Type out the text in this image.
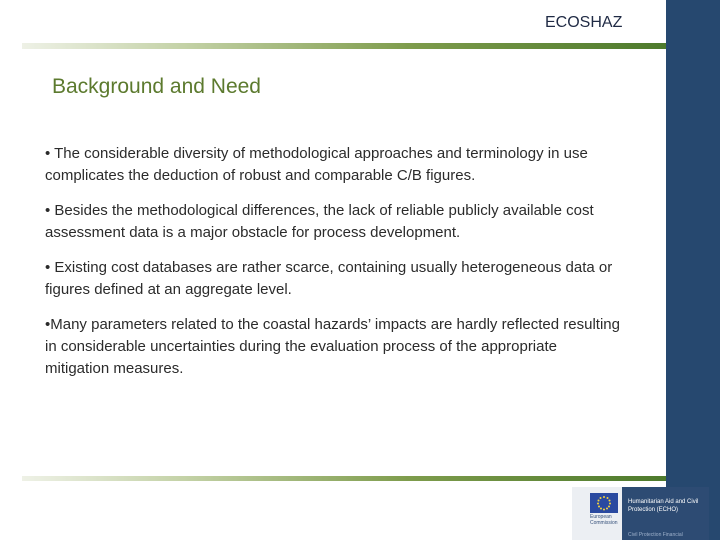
ECOSHAZ
Background and Need

• The considerable diversity of methodological approaches and terminology in use complicates the deduction of robust and comparable C/B figures.

• Besides the methodological differences, the lack of reliable publicly available cost assessment data is a major obstacle for process development.

• Existing cost databases are rather scarce, containing usually heterogeneous data or figures defined at an aggregate level.

•Many parameters related to the coastal hazards’ impacts are hardly reflected resulting in considerable uncertainties during the evaluation process of the appropriate mitigation measures.

European Commission
Humanitarian Aid and Civil Protection (ECHO)
Civil Protection Financial
